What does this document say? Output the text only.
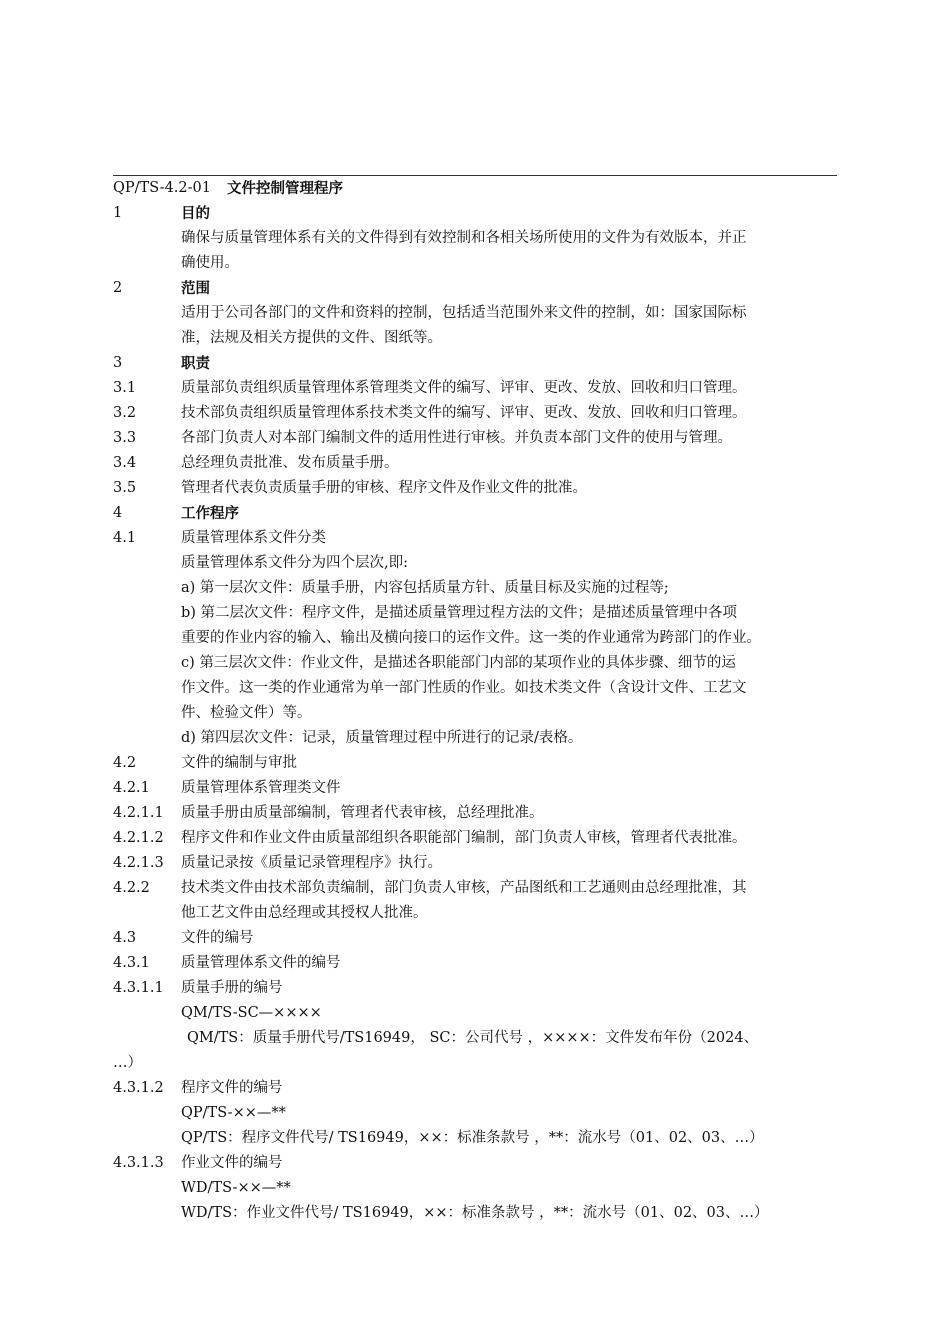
QP/TS-4.2-01 文件控制管理程序
1	目的
确保与质量管理体系有关的文件得到有效控制和各相关场所使用的文件为有效版本，并正
确使用。
2	范围
适用于公司各部门的文件和资料的控制，包括适当范围外来文件的控制，如：国家国际标
准，法规及相关方提供的文件、图纸等。
3	职责
3.1	质量部负责组织质量管理体系管理类文件的编写、评审、更改、发放、回收和归口管理。
3.2	技术部负责组织质量管理体系技术类文件的编写、评审、更改、发放、回收和归口管理。
3.3	各部门负责人对本部门编制文件的适用性进行审核。并负责本部门文件的使用与管理。
3.4	总经理负责批准、发布质量手册。
3.5	管理者代表负责质量手册的审核、程序文件及作业文件的批准。
4	工作程序
4.1	质量管理体系文件分类
质量管理体系文件分为四个层次,即:
a) 第一层次文件：质量手册，内容包括质量方针、质量目标及实施的过程等;
b) 第二层次文件：程序文件，是描述质量管理过程方法的文件；是描述质量管理中各项
重要的作业内容的输入、输出及横向接口的运作文件。这一类的作业通常为跨部门的作业。
c) 第三层次文件：作业文件，是描述各职能部门内部的某项作业的具体步骤、细节的运
作文件。这一类的作业通常为单一部门性质的作业。如技术类文件（含设计文件、工艺文
件、检验文件）等。
d) 第四层次文件：记录，质量管理过程中所进行的记录/表格。
4.2	文件的编制与审批
4.2.1	质量管理体系管理类文件
4.2.1.1	质量手册由质量部编制，管理者代表审核，总经理批准。
4.2.1.2	程序文件和作业文件由质量部组织各职能部门编制，部门负责人审核，管理者代表批准。
4.2.1.3	质量记录按《质量记录管理程序》执行。
4.2.2	技术类文件由技术部负责编制，部门负责人审核，产品图纸和工艺通则由总经理批准，其
他工艺文件由总经理或其授权人批准。
4.3	文件的编号
4.3.1	质量管理体系文件的编号
4.3.1.1	质量手册的编号
QM/TS-SC—××××
QM/TS：质量手册代号/TS16949， SC：公司代号 ，××××：文件发布年份（2024、
…）
4.3.1.2	程序文件的编号
QP/TS-××—**
QP/TS：程序文件代号/ TS16949，××：标准条款号 ，**：流水号（01、02、03、…）
4.3.1.3	作业文件的编号
WD/TS-××—**
WD/TS：作业文件代号/ TS16949，××：标准条款号 ，**：流水号（01、02、03、…）
